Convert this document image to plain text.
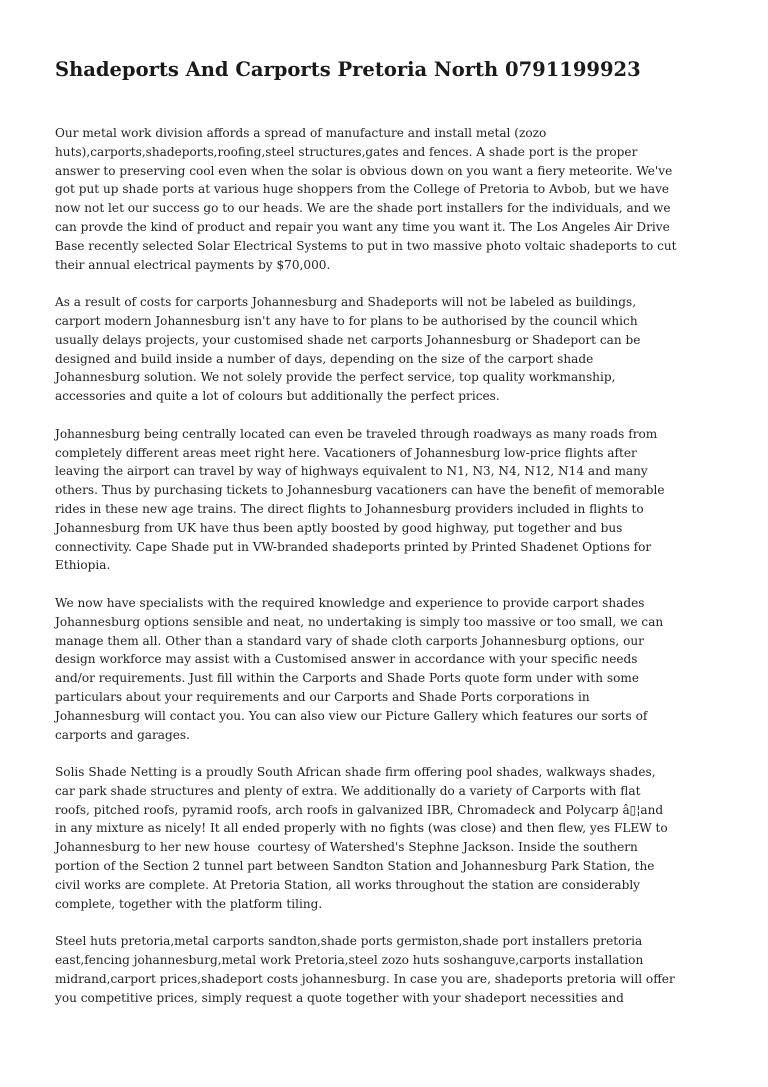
Shadeports And Carports Pretoria North 0791199923

Our metal work division affords a spread of manufacture and install metal (zozo
huts),carports,shadeports,roofing,steel structures,gates and fences. A shade port is the proper
answer to preserving cool even when the solar is obvious down on you want a fiery meteorite. We've
got put up shade ports at various huge shoppers from the College of Pretoria to Avbob, but we have
now not let our success go to our heads. We are the shade port installers for the individuals, and we
can provde the kind of product and repair you want any time you want it. The Los Angeles Air Drive
Base recently selected Solar Electrical Systems to put in two massive photo voltaic shadeports to cut
their annual electrical payments by $70,000.

As a result of costs for carports Johannesburg and Shadeports will not be labeled as buildings,
carport modern Johannesburg isn't any have to for plans to be authorised by the council which
usually delays projects, your customised shade net carports Johannesburg or Shadeport can be
designed and build inside a number of days, depending on the size of the carport shade
Johannesburg solution. We not solely provide the perfect service, top quality workmanship,
accessories and quite a lot of colours but additionally the perfect prices.

Johannesburg being centrally located can even be traveled through roadways as many roads from
completely different areas meet right here. Vacationers of Johannesburg low-price flights after
leaving the airport can travel by way of highways equivalent to N1, N3, N4, N12, N14 and many
others. Thus by purchasing tickets to Johannesburg vacationers can have the benefit of memorable
rides in these new age trains. The direct flights to Johannesburg providers included in flights to
Johannesburg from UK have thus been aptly boosted by good highway, put together and bus
connectivity. Cape Shade put in VW-branded shadeports printed by Printed Shadenet Options for
Ethiopia.

We now have specialists with the required knowledge and experience to provide carport shades
Johannesburg options sensible and neat, no undertaking is simply too massive or too small, we can
manage them all. Other than a standard vary of shade cloth carports Johannesburg options, our
design workforce may assist with a Customised answer in accordance with your specific needs
and/or requirements. Just fill within the Carports and Shade Ports quote form under with some
particulars about your requirements and our Carports and Shade Ports corporations in
Johannesburg will contact you. You can also view our Picture Gallery which features our sorts of
carports and garages.

Solis Shade Netting is a proudly South African shade firm offering pool shades, walkways shades,
car park shade structures and plenty of extra. We additionally do a variety of Carports with flat
roofs, pitched roofs, pyramid roofs, arch roofs in galvanized IBR, Chromadeck and Polycarp â▯¦and
in any mixture as nicely! It all ended properly with no fights (was close) and then flew, yes FLEW to
Johannesburg to her new house  courtesy of Watershed's Stephne Jackson. Inside the southern
portion of the Section 2 tunnel part between Sandton Station and Johannesburg Park Station, the
civil works are complete. At Pretoria Station, all works throughout the station are considerably
complete, together with the platform tiling.

Steel huts pretoria,metal carports sandton,shade ports germiston,shade port installers pretoria
east,fencing johannesburg,metal work Pretoria,steel zozo huts soshanguve,carports installation
midrand,carport prices,shadeport costs johannesburg. In case you are, shadeports pretoria will offer
you competitive prices, simply request a quote together with your shadeport necessities and
